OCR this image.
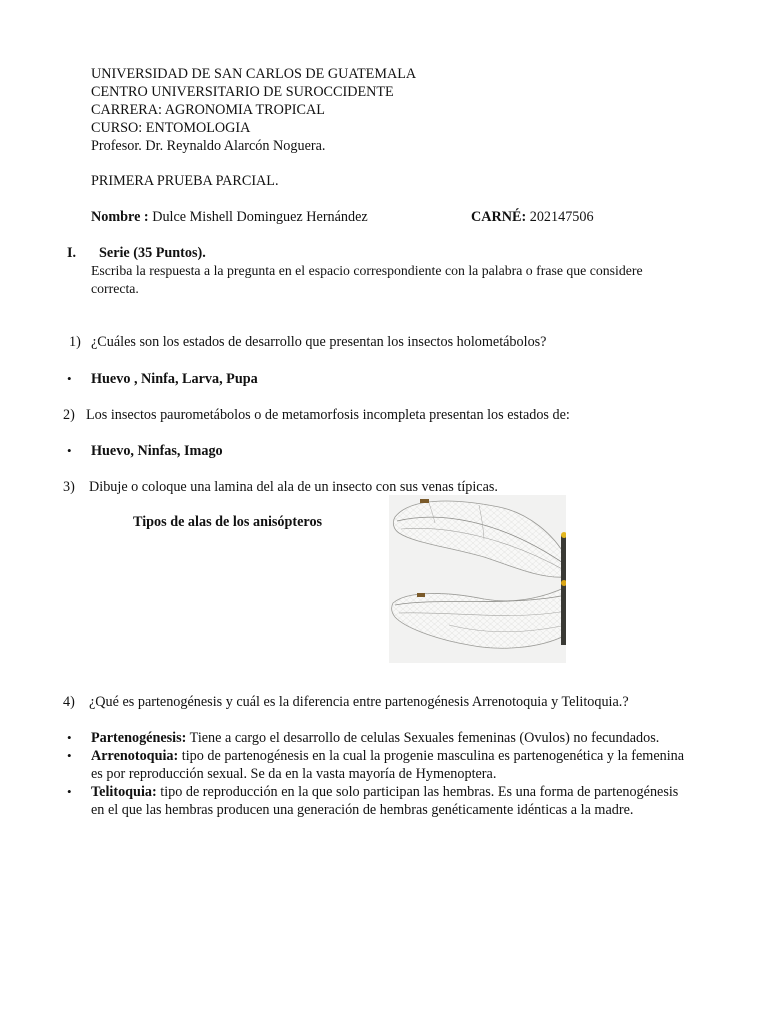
UNIVERSIDAD DE SAN CARLOS DE GUATEMALA
CENTRO UNIVERSITARIO DE SUROCCIDENTE
CARRERA: AGRONOMIA TROPICAL
CURSO: ENTOMOLOGIA
Profesor. Dr. Reynaldo Alarcón Noguera.
PRIMERA PRUEBA PARCIAL.
Nombre : Dulce Mishell Dominguez Hernández	CARNÉ: 202147506
I. Serie (35 Puntos).
Escriba la respuesta a la pregunta en el espacio correspondiente con la palabra o frase que considere
correcta.
1) ¿Cuáles son los estados de desarrollo que presentan los insectos holometábolos?
• Huevo , Ninfa, Larva, Pupa
2) Los insectos paurometábolos o de metamorfosis incompleta presentan los estados de:
• Huevo, Ninfas, Imago
3) Dibuje o coloque una lamina del ala de un insecto con sus venas típicas.
Tipos de alas de los anisópteros
4) ¿Qué es partenogénesis y cuál es la diferencia entre partenogénesis Arrenotoquia y Telitoquia.?
• Partenogénesis: Tiene a cargo el desarrollo de celulas Sexuales femeninas (Ovulos) no fecundados.
• Arrenotoquia: tipo de partenogénesis en la cual la progenie masculina es partenogenética y la femenina
es por reproducción sexual. Se da en la vasta mayoría de Hymenoptera.
• Telitoquia: tipo de reproducción en la que solo participan las hembras. Es una forma de partenogénesis
en el que las hembras producen una generación de hembras genéticamente idénticas a la madre.
